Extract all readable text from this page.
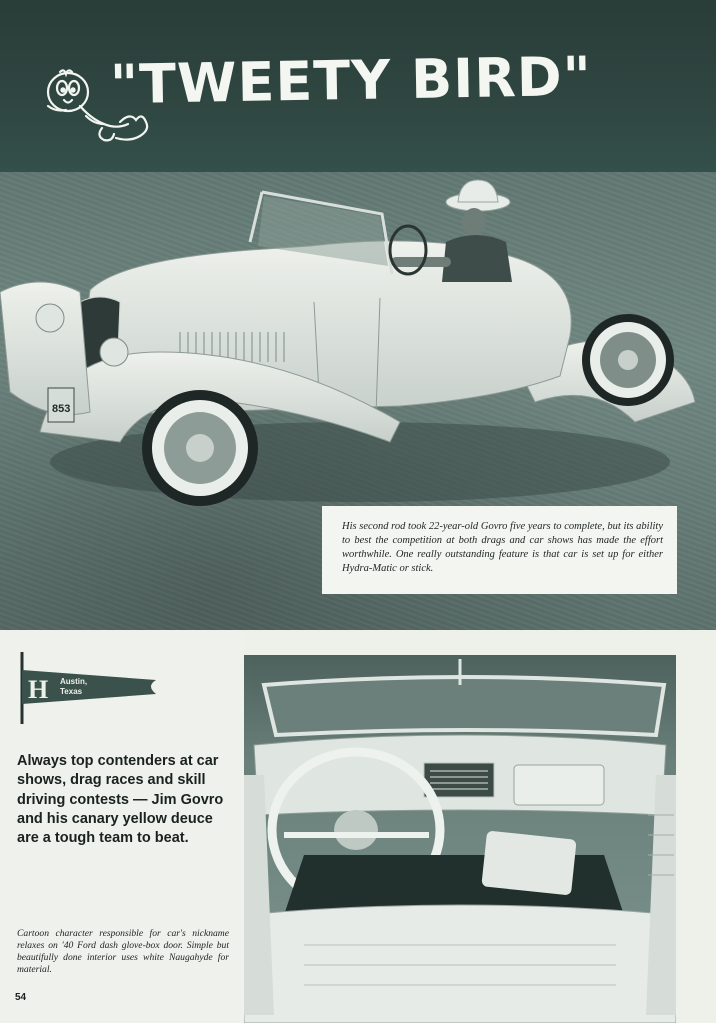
"TWEETY BIRD"
853
His second rod took 22-year-old Govro five years to complete, but its ability to best the competition at both drags and car shows has made the effort worthwhile. One really outstanding feature is that car is set up for either Hydra-Matic or stick.
H Austin,
Texas
Always top contenders at car shows, drag races and skill driving contests — Jim Govro and his canary yellow deuce are a tough team to beat.
Cartoon character responsible for car's nickname relaxes on '40 Ford dash glove-box door. Simple but beautifully done interior uses white Naugahyde for material.
54
